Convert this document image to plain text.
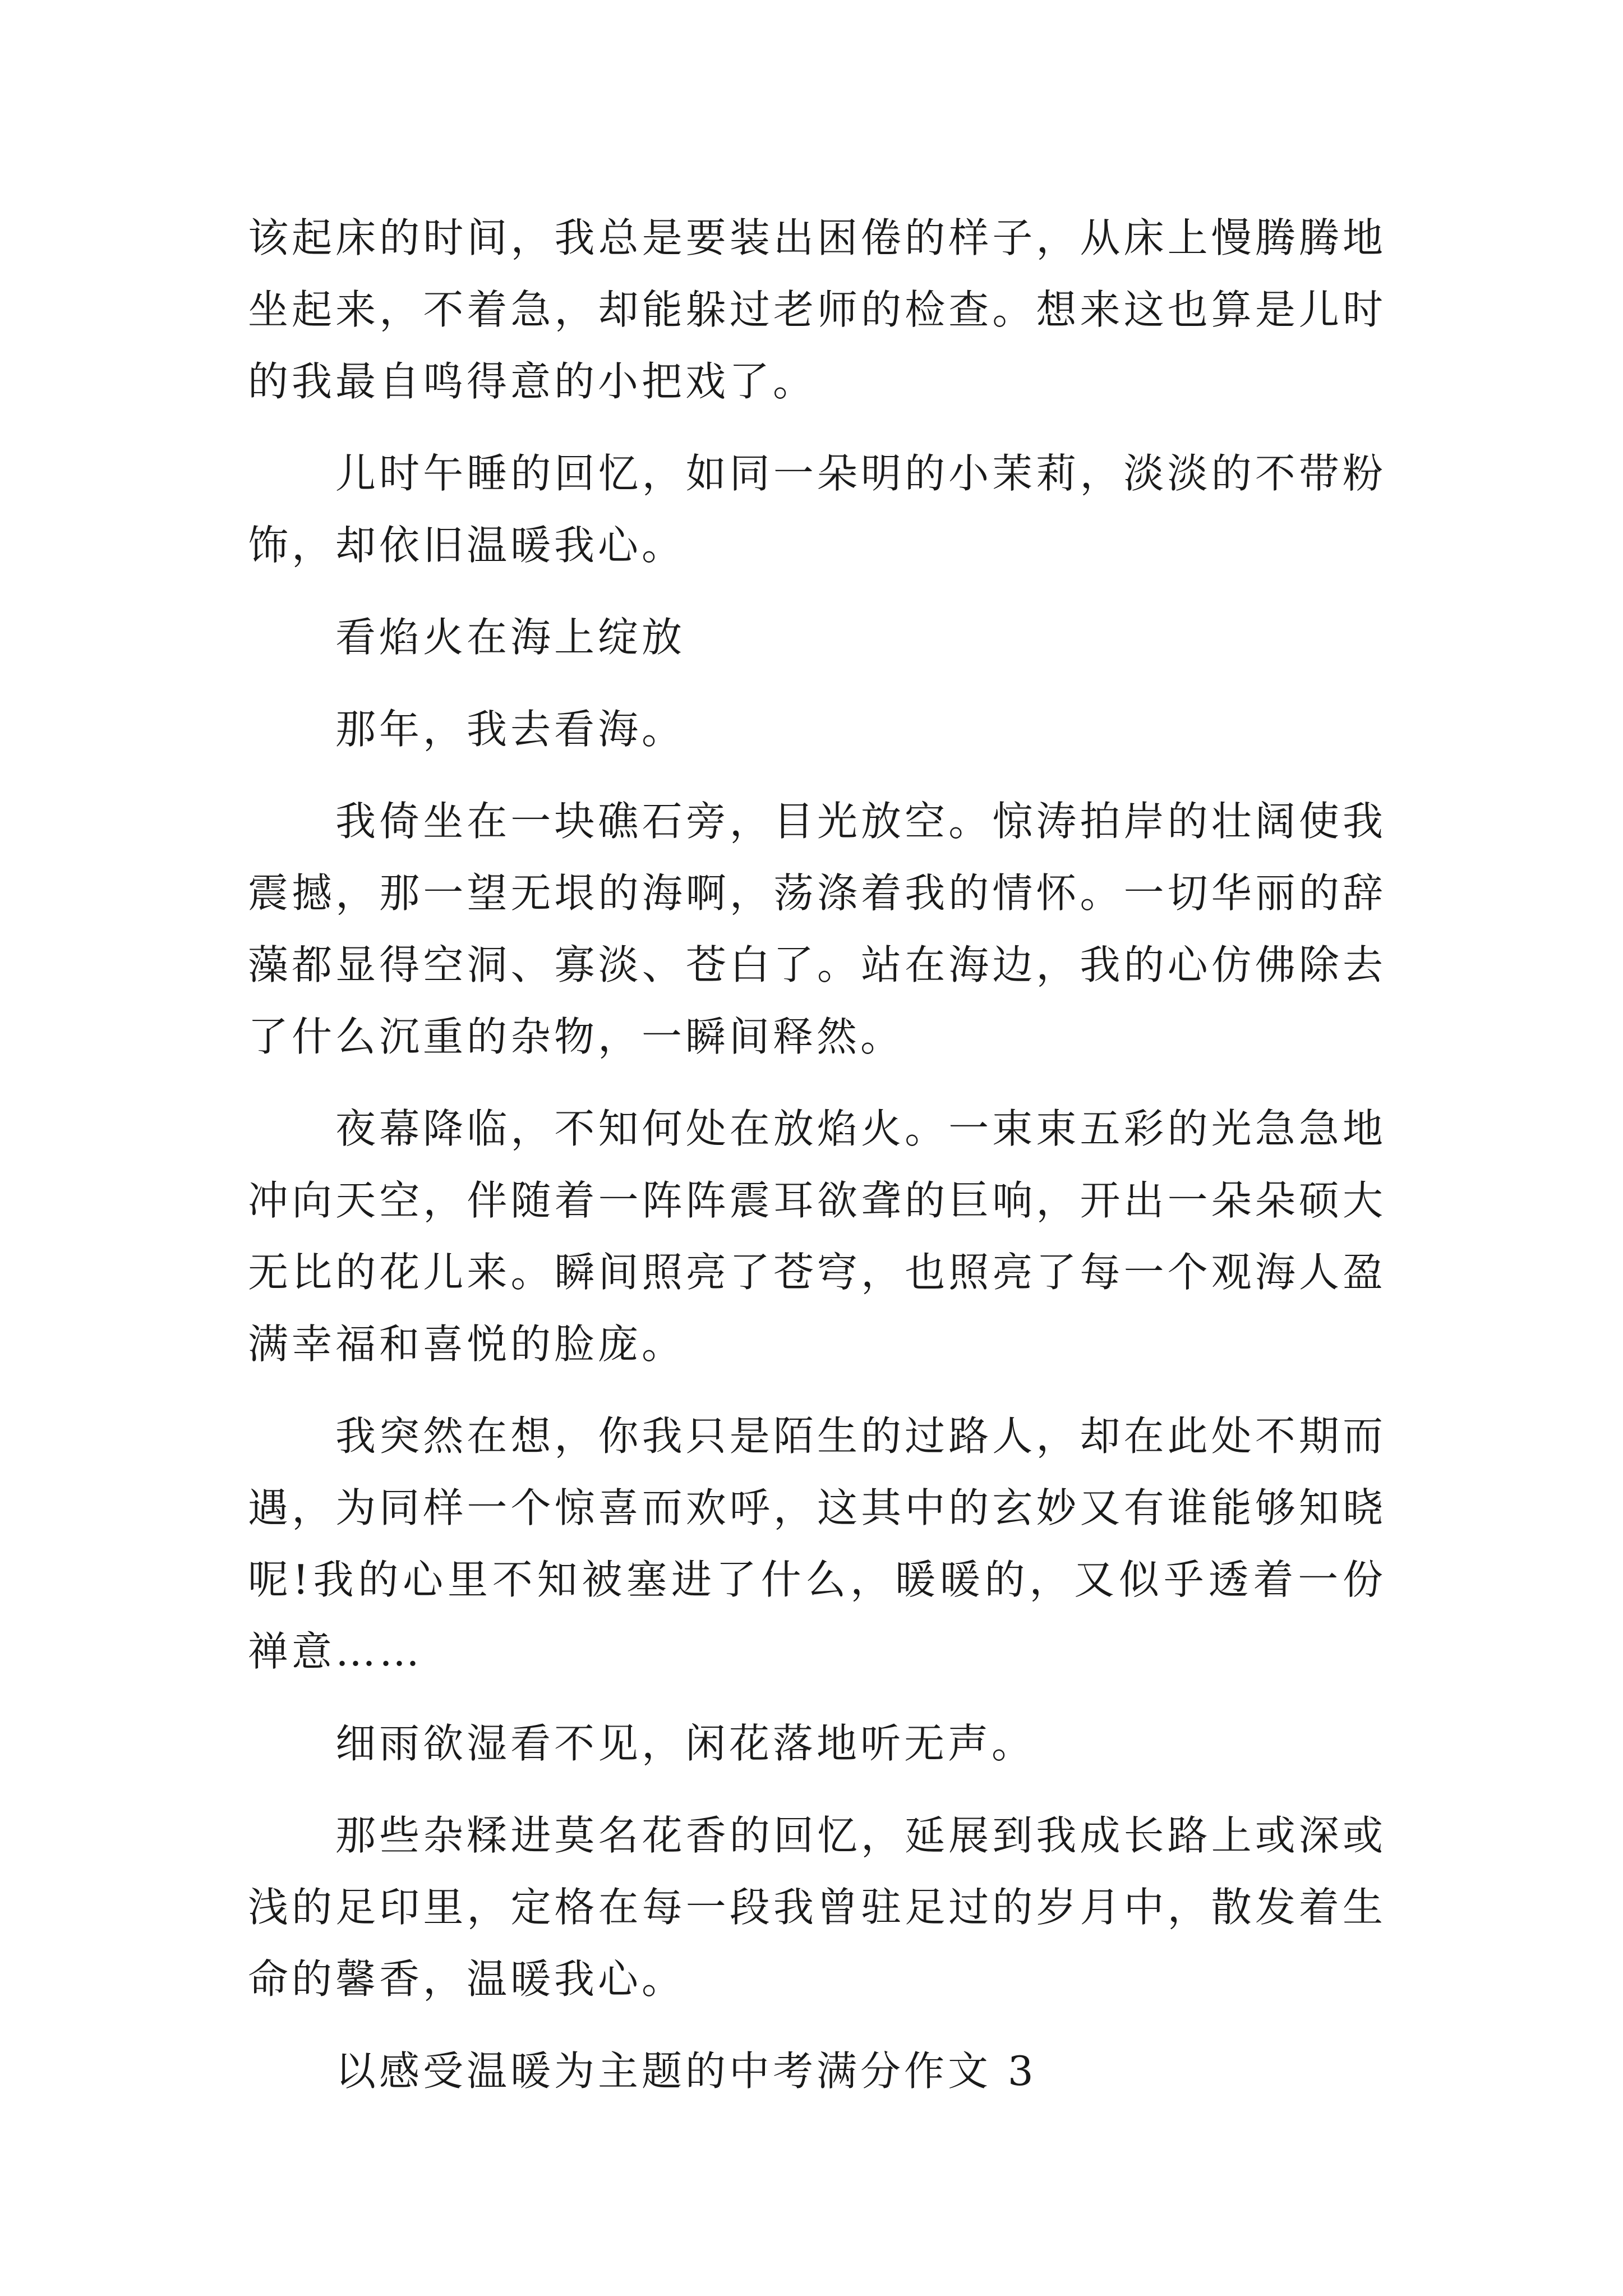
该起床的时间，我总是要装出困倦的样子，从床上慢腾腾地坐起来，不着急，却能躲过老师的检查。想来这也算是儿时的我最自鸣得意的小把戏了。

儿时午睡的回忆，如同一朵明的小茉莉，淡淡的不带粉饰，却依旧温暖我心。

看焰火在海上绽放

那年，我去看海。

我倚坐在一块礁石旁，目光放空。惊涛拍岸的壮阔使我震撼，那一望无垠的海啊，荡涤着我的情怀。一切华丽的辞藻都显得空洞、寡淡、苍白了。站在海边，我的心仿佛除去了什么沉重的杂物，一瞬间释然。

夜幕降临，不知何处在放焰火。一束束五彩的光急急地冲向天空，伴随着一阵阵震耳欲聋的巨响，开出一朵朵硕大无比的花儿来。瞬间照亮了苍穹，也照亮了每一个观海人盈满幸福和喜悦的脸庞。

我突然在想，你我只是陌生的过路人，却在此处不期而遇，为同样一个惊喜而欢呼，这其中的玄妙又有谁能够知晓呢!我的心里不知被塞进了什么，暖暖的，又似乎透着一份禅意……

细雨欲湿看不见，闲花落地听无声。

那些杂糅进莫名花香的回忆，延展到我成长路上或深或浅的足印里，定格在每一段我曾驻足过的岁月中，散发着生命的馨香，温暖我心。

以感受温暖为主题的中考满分作文 3
